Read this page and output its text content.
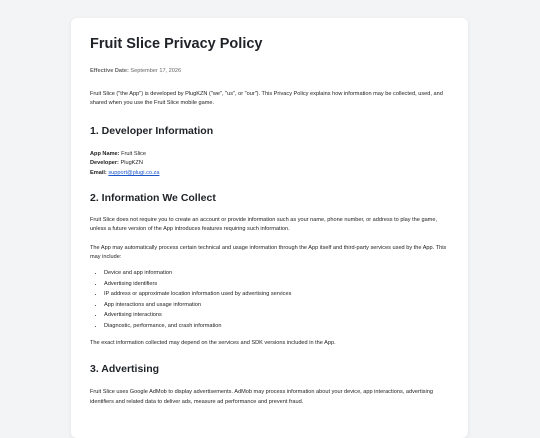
Fruit Slice Privacy Policy

Effective Date: September 17, 2026

Fruit Slice ("the App") is developed by PlugKZN ("we", "us", or "our"). This Privacy Policy explains how information may be collected, used, and shared when you use the Fruit Slice mobile game.

1. Developer Information

App Name: Fruit Slice

Developer: PlugKZN

Email: support@plugi.co.za

2. Information We Collect

Fruit Slice does not require you to create an account or provide information such as your name, phone number, or address to play the game, unless a future version of the App introduces features requiring such information.

The App may automatically process certain technical and usage information through the App itself and third-party services used by the App. This may include:

• Device and app information
• Advertising identifiers
• IP address or approximate location information used by advertising services
• App interactions and usage information
• Advertising interactions
• Diagnostic, performance, and crash information

The exact information collected may depend on the services and SDK versions included in the App.

3. Advertising

Fruit Slice uses Google AdMob to display advertisements. AdMob may process information about your device, app interactions, advertising identifiers and related data to deliver ads, measure ad performance and prevent fraud.
